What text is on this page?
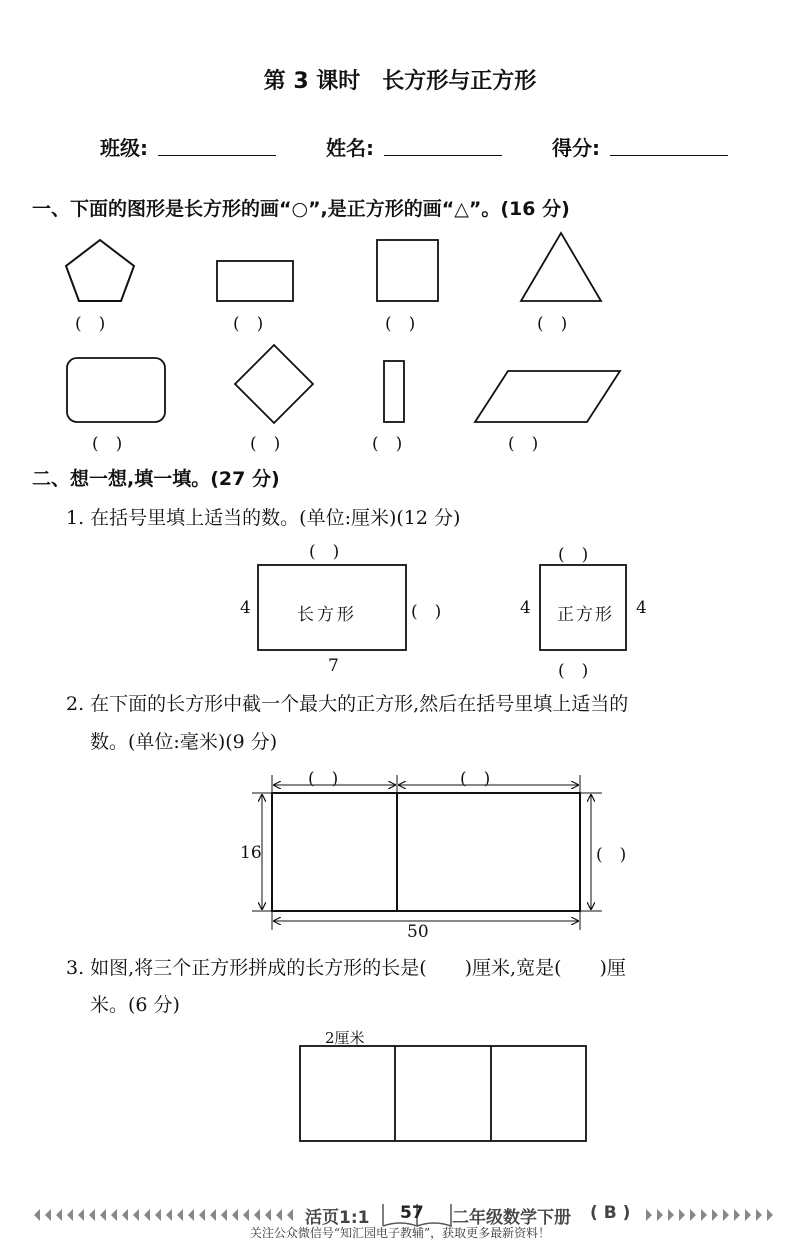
第 3 课时　长方形与正方形
班级:	姓名:	得分:
一、下面的图形是长方形的画“○”,是正方形的画“△”。(16 分)
(　)	(　)	(　)	(　)
(　)	(　)	(　)	(　)
二、想一想,填一填。(27 分)
1. 在括号里填上适当的数。(单位:厘米)(12 分)
(　)
长方形
4	(　)
7
(　)
正方形
4	4
(　)
2. 在下面的长方形中截一个最大的正方形,然后在括号里填上适当的
数。(单位:毫米)(9 分)
(　)	(　)
16	(　)
50
3. 如图,将三个正方形拼成的长方形的长是(　　)厘米,宽是(　　)厘
米。(6 分)
2厘米
活页1:1 57 二年级数学下册 ( B )
关注公众微信号“知汇园电子教辅”，获取更多最新资料！
